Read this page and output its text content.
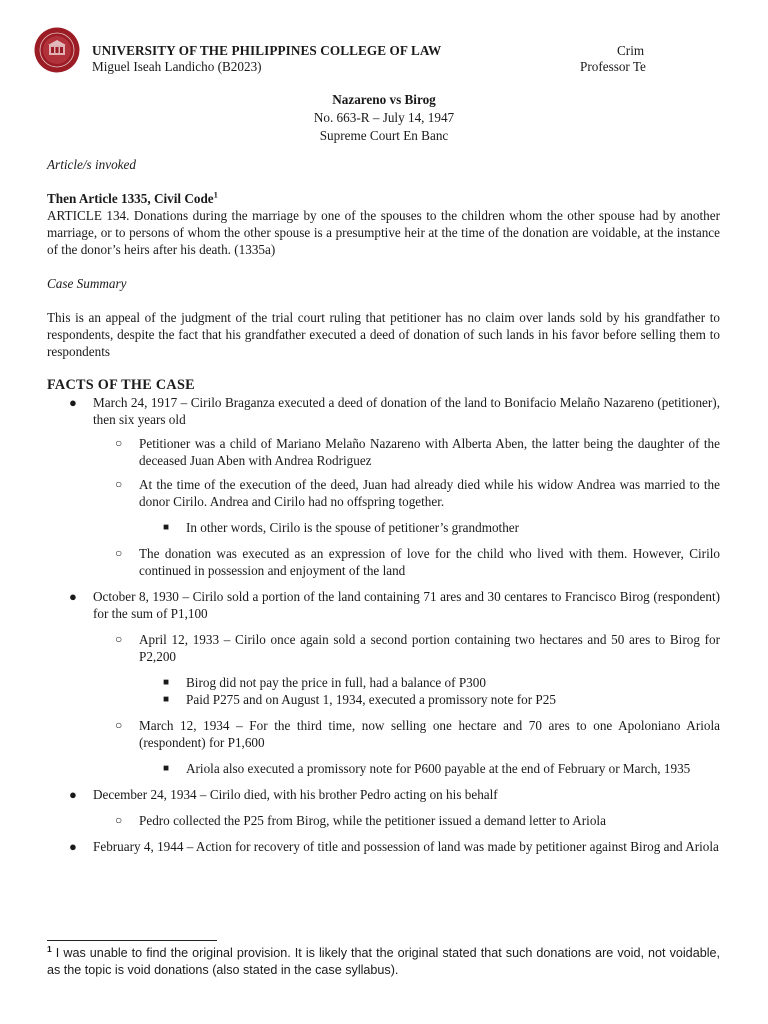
UNIVERSITY OF THE PHILIPPINES COLLEGE OF LAW
Miguel Iseah Landicho (B2023)
Crim
Professor Te
Nazareno vs Birog
No. 663-R – July 14, 1947
Supreme Court En Banc

Article/s invoked

Then Article 1335, Civil Code$^1$

ARTICLE 134. Donations during the marriage by one of the spouses to the children whom the other spouse had by another marriage, or to persons of whom the other spouse is a presumptive heir at the time of the donation are voidable, at the instance of the donor’s heirs after his death. (1335a)

Case Summary

This is an appeal of the judgment of the trial court ruling that petitioner has no claim over lands sold by his grandfather to respondents, despite the fact that his grandfather executed a deed of donation of such lands in his favor before selling them to respondents

FACTS OF THE CASE

● March 24, 1917 – Cirilo Braganza executed a deed of donation of the land to Bonifacio Melaño Nazareno (petitioner), then six years old
○ Petitioner was a child of Mariano Melaño Nazareno with Alberta Aben, the latter being the daughter of the deceased Juan Aben with Andrea Rodriguez
○ At the time of the execution of the deed, Juan had already died while his widow Andrea was married to the donor Cirilo. Andrea and Cirilo had no offspring together.
■ In other words, Cirilo is the spouse of petitioner’s grandmother
○ The donation was executed as an expression of love for the child who lived with them. However, Cirilo continued in possession and enjoyment of the land
● October 8, 1930 – Cirilo sold a portion of the land containing 71 ares and 30 centares to Francisco Birog (respondent) for the sum of P1,100
○ April 12, 1933 – Cirilo once again sold a second portion containing two hectares and 50 ares to Birog for P2,200
■ Birog did not pay the price in full, had a balance of P300
■ Paid P275 and on August 1, 1934, executed a promissory note for P25
○ March 12, 1934 – For the third time, now selling one hectare and 70 ares to one Apoloniano Ariola (respondent) for P1,600
■ Ariola also executed a promissory note for P600 payable at the end of February or March, 1935
● December 24, 1934 – Cirilo died, with his brother Pedro acting on his behalf
○ Pedro collected the P25 from Birog, while the petitioner issued a demand letter to Ariola
● February 4, 1944 – Action for recovery of title and possession of land was made by petitioner against Birog and Ariola
$^1$ I was unable to find the original provision. It is likely that the original stated that such donations are void, not voidable, as the topic is void donations (also stated in the case syllabus).
